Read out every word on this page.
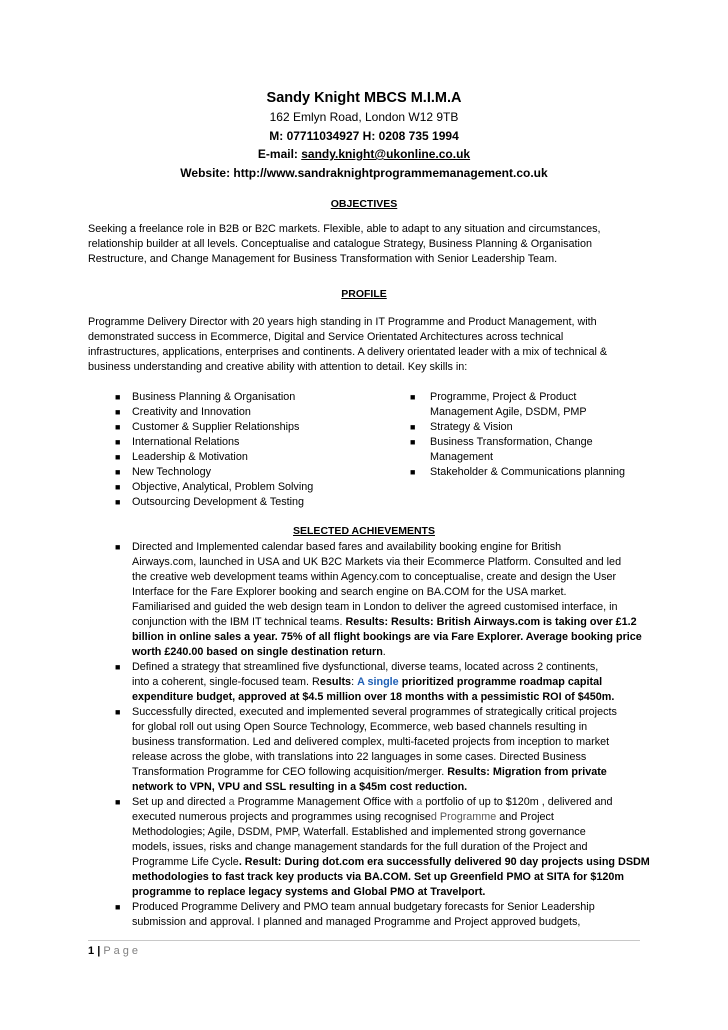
Sandy Knight MBCS M.I.M.A
162 Emlyn Road, London W12 9TB
M: 07711034927 H: 0208 735 1994
E-mail: sandy.knight@ukonline.co.uk
Website: http://www.sandraknightprogrammemanagement.co.uk
OBJECTIVES
Seeking a freelance role in B2B or B2C markets. Flexible, able to adapt to any situation and circumstances,
relationship builder at all levels. Conceptualise and catalogue Strategy, Business Planning & Organisation
Restructure, and Change Management for Business Transformation with Senior Leadership Team.
PROFILE
Programme Delivery Director with 20 years high standing in IT Programme and Product Management, with
demonstrated success in Ecommerce, Digital and Service Orientated Architectures across technical
infrastructures, applications, enterprises and continents. A delivery orientated leader with a mix of technical &
business understanding and creative ability with attention to detail. Key skills in:
■ Business Planning & Organisation
■ Creativity and Innovation
■ Customer & Supplier Relationships
■ International Relations
■ Leadership & Motivation
■ New Technology
■ Objective, Analytical, Problem Solving
■ Outsourcing Development & Testing
■ Programme, Project & Product
Management Agile, DSDM, PMP
■ Strategy & Vision
■ Business Transformation, Change
Management
■ Stakeholder & Communications planning
SELECTED ACHIEVEMENTS
■ Directed and Implemented calendar based fares and availability booking engine for British
Airways.com, launched in USA and UK B2C Markets via their Ecommerce Platform. Consulted and led
the creative web development teams within Agency.com to conceptualise, create and design the User
Interface for the Fare Explorer booking and search engine on BA.COM for the USA market.
Familiarised and guided the web design team in London to deliver the agreed customised interface, in
conjunction with the IBM IT technical teams. Results: Results: British Airways.com is taking over £1.2
billion in online sales a year. 75% of all flight bookings are via Fare Explorer. Average booking price
worth £240.00 based on single destination return.
■ Defined a strategy that streamlined five dysfunctional, diverse teams, located across 2 continents,
into a coherent, single-focused team. Results: A single prioritized programme roadmap capital
expenditure budget, approved at $4.5 million over 18 months with a pessimistic ROI of $450m.
■ Successfully directed, executed and implemented several programmes of strategically critical projects
for global roll out using Open Source Technology, Ecommerce, web based channels resulting in
business transformation. Led and delivered complex, multi-faceted projects from inception to market
release across the globe, with translations into 22 languages in some cases. Directed Business
Transformation Programme for CEO following acquisition/merger. Results: Migration from private
network to VPN, VPU and SSL resulting in a $45m cost reduction.
■ Set up and directed a Programme Management Office with a portfolio of up to $120m , delivered and
executed numerous projects and programmes using recognised Programme and Project
Methodologies; Agile, DSDM, PMP, Waterfall. Established and implemented strong governance
models, issues, risks and change management standards for the full duration of the Project and
Programme Life Cycle. Result: During dot.com era successfully delivered 90 day projects using DSDM
methodologies to fast track key products via BA.COM. Set up Greenfield PMO at SITA for $120m
programme to replace legacy systems and Global PMO at Travelport.
■ Produced Programme Delivery and PMO team annual budgetary forecasts for Senior Leadership
submission and approval. I planned and managed Programme and Project approved budgets,
1 | Page
